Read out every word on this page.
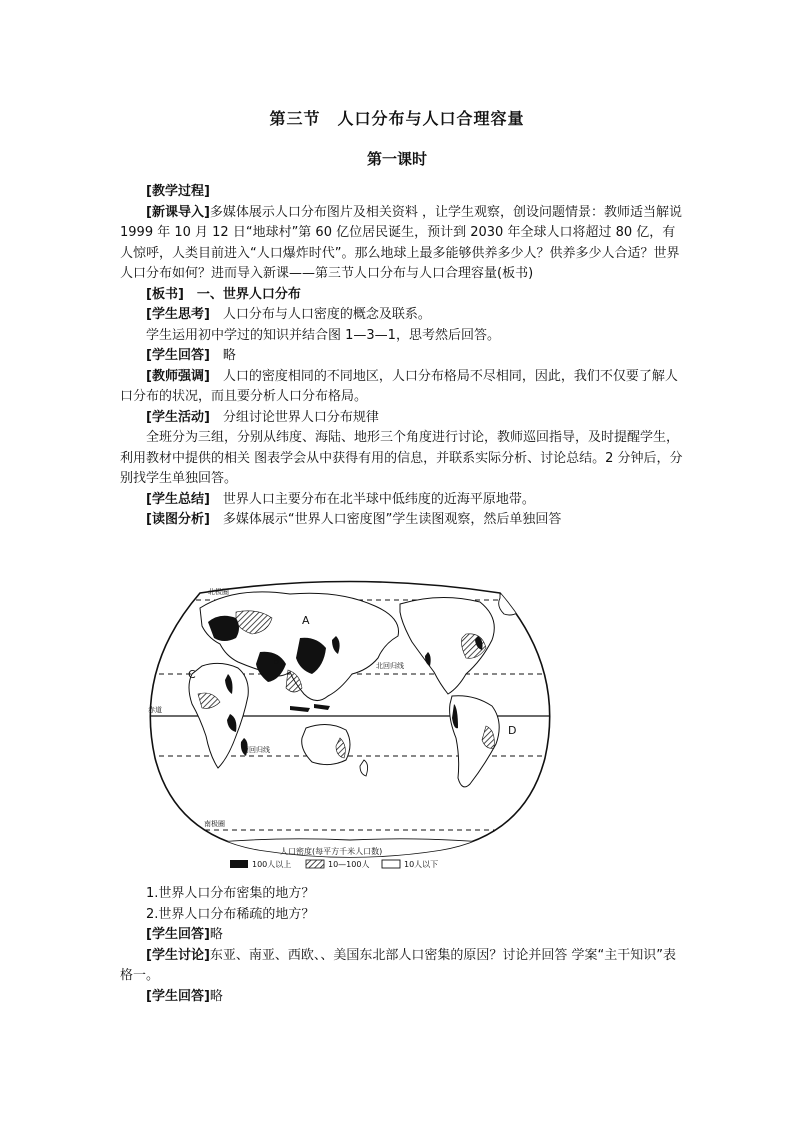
第三节　人口分布与人口合理容量
第一课时

[教学过程]

[新课导入]多媒体展示人口分布图片及相关资料 ，让学生观察，创设问题情景：教师适当解说 1999 年 10 月 12 日“地球村”第 60 亿位居民诞生，预计到 2030 年全球人口将超过 80 亿，有人惊呼，人类目前进入“人口爆炸时代”。那么地球上最多能够供养多少人？供养多少人合适？世界人口分布如何？进而导入新课——第三节人口分布与人口合理容量(板书)

[板书]　一、世界人口分布

[学生思考]　人口分布与人口密度的概念及联系。

学生运用初中学过的知识并结合图 1—3—1，思考然后回答。

[学生回答]　略

[教师强调]　人口的密度相同的不同地区，人口分布格局不尽相同，因此，我们不仅要了解人口分布的状况，而且要分析人口分布格局。

[学生活动]　分组讨论世界人口分布规律

全班分为三组，分别从纬度、海陆、地形三个角度进行讨论，教师巡回指导，及时提醒学生，利用教材中提供的相关 图表学会从中获得有用的信息，并联系实际分析、讨论总结。2 分钟后，分别找学生单独回答。

[学生总结]　世界人口主要分布在北半球中低纬度的近海平原地带。

[读图分析]　多媒体展示“世界人口密度图”学生读图观察，然后单独回答

A
B
C
D
北极圈
北回归线
赤道
南回归线
南极圈
人口密度(每平方千米人口数)
100人以上	10—100人	10人以下

1.世界人口分布密集的地方？

2.世界人口分布稀疏的地方？

[学生回答]略

[学生讨论]东亚、南亚、西欧、、美国东北部人口密集的原因？讨论并回答 学案“主干知识”表格一。

[学生回答]略
